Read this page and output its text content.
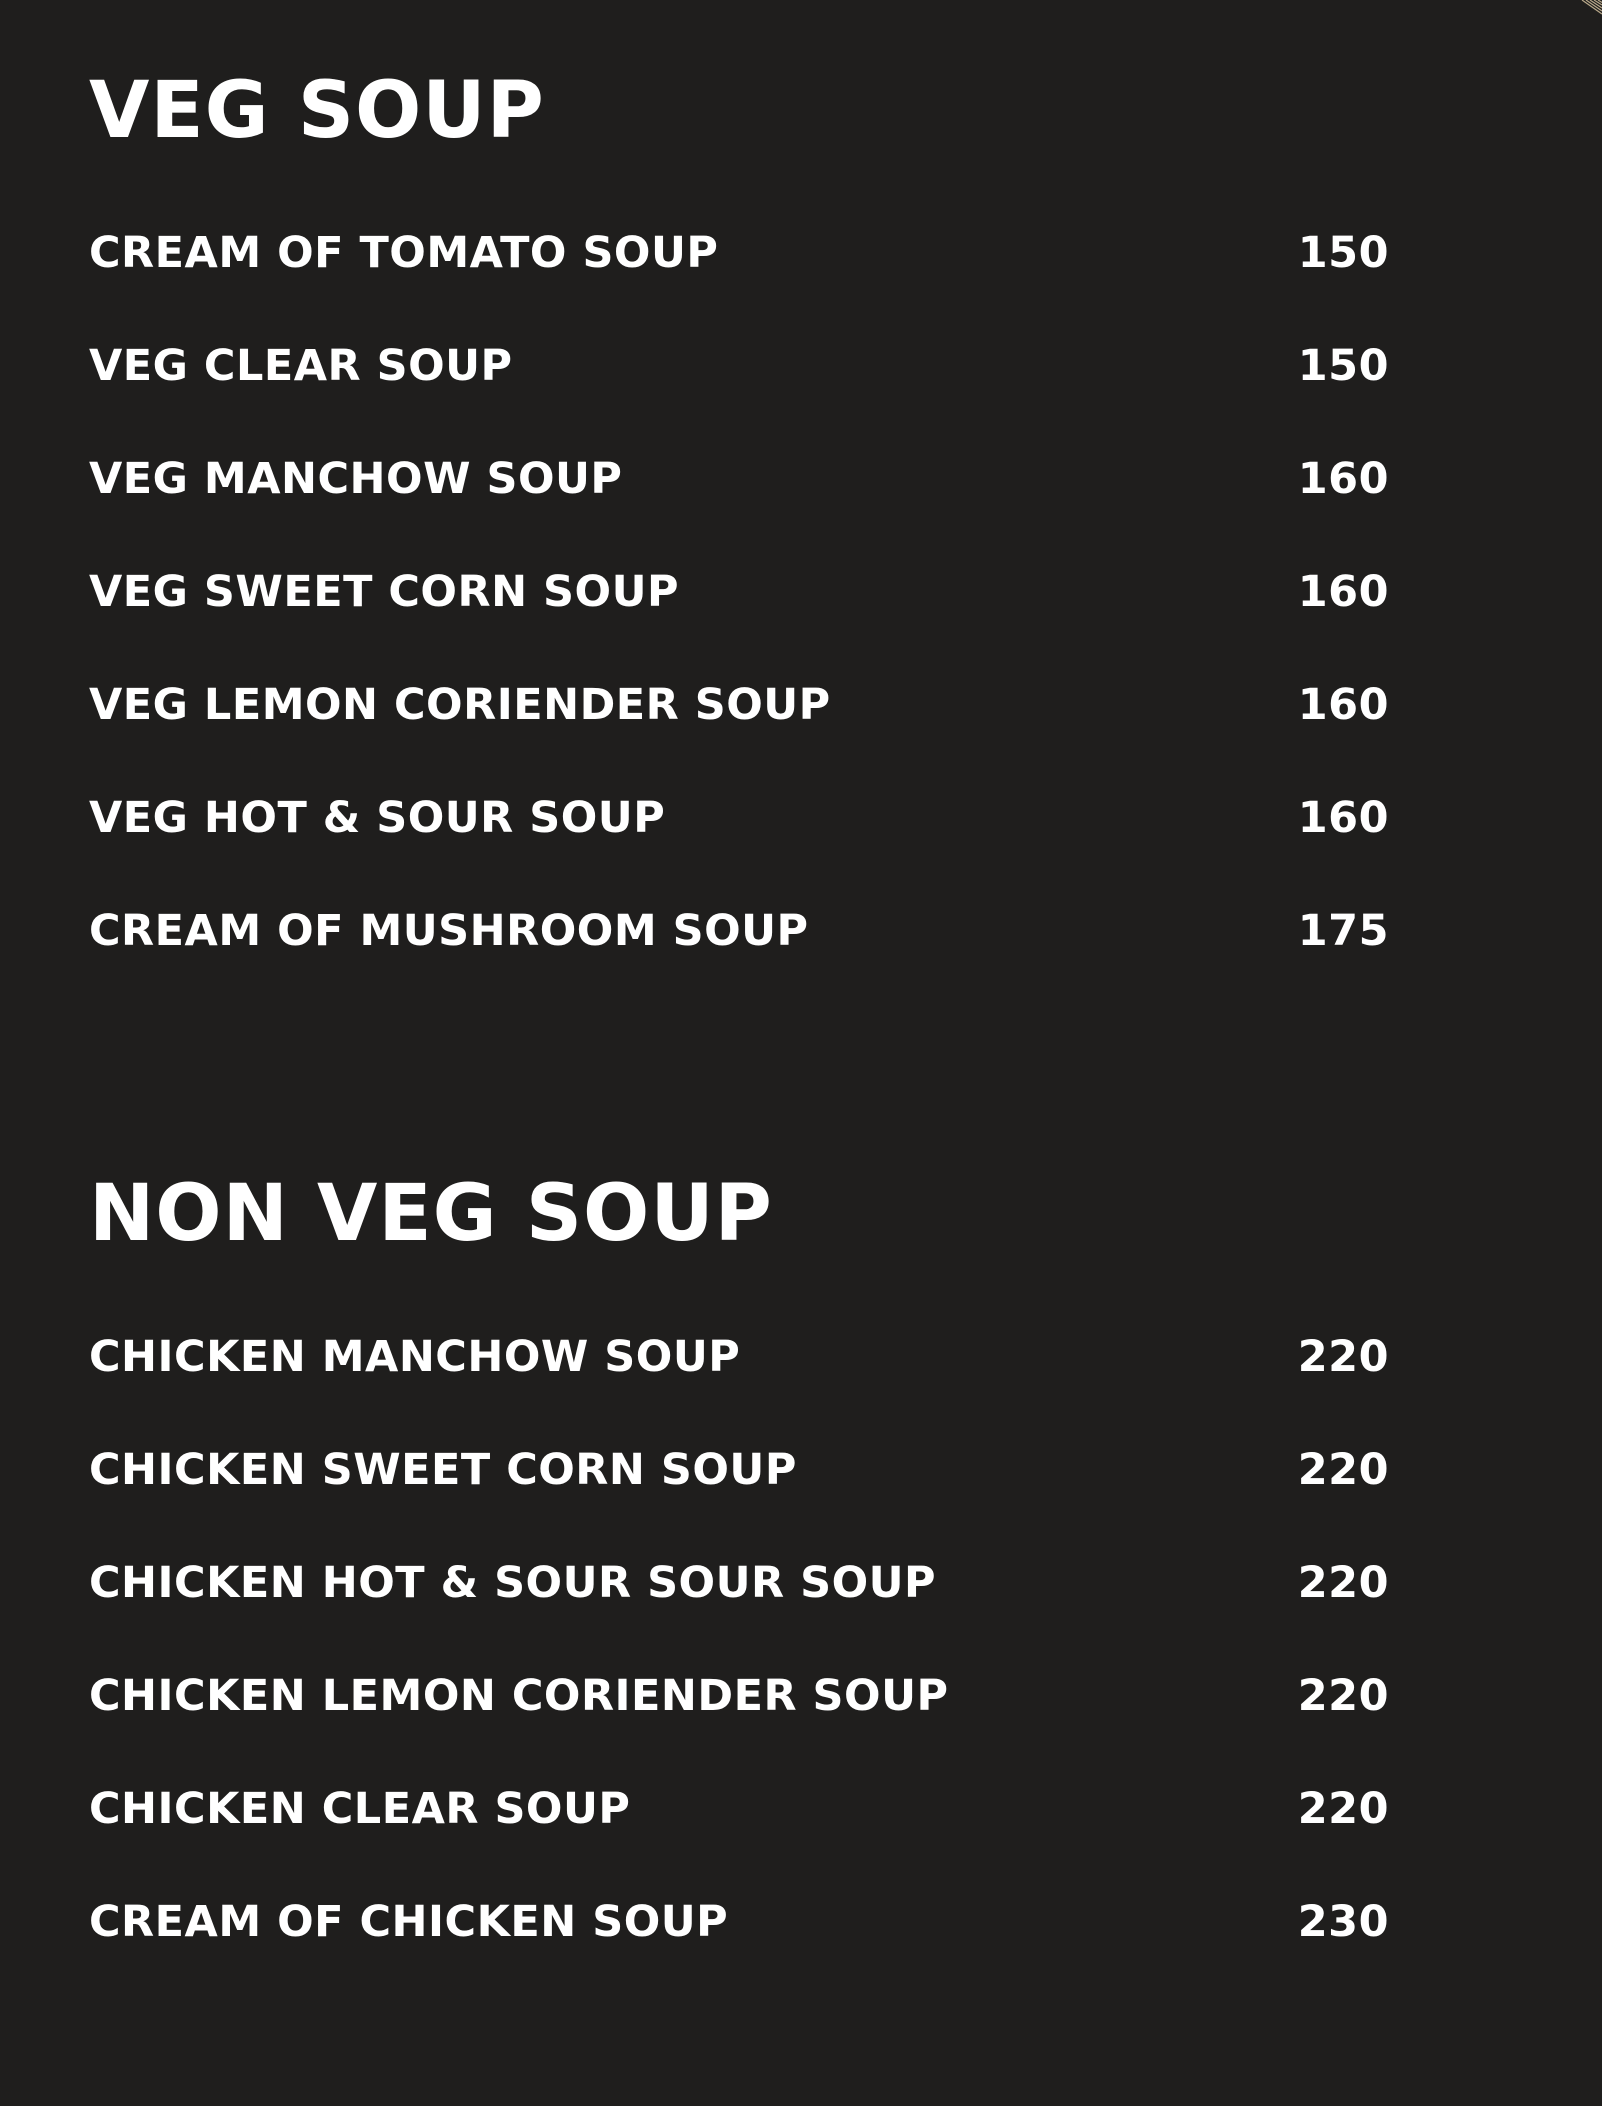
VEG SOUP
CREAM OF TOMATO SOUP	150
VEG CLEAR SOUP	150
VEG MANCHOW SOUP	160
VEG SWEET CORN SOUP	160
VEG LEMON CORIENDER SOUP	160
VEG HOT & SOUR SOUP	160
CREAM OF MUSHROOM SOUP	175
NON VEG SOUP
CHICKEN MANCHOW SOUP	220
CHICKEN SWEET CORN SOUP	220
CHICKEN HOT & SOUR SOUR SOUP	220
CHICKEN LEMON CORIENDER SOUP	220
CHICKEN CLEAR SOUP	220
CREAM OF CHICKEN SOUP	230
